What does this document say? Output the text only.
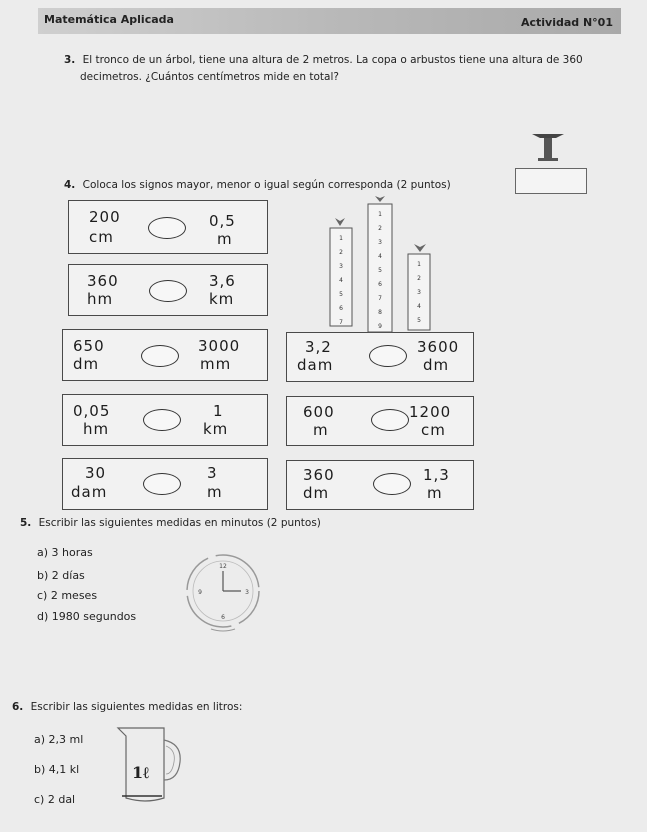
Matemática Aplicada	Actividad N°01
3. El tronco de un árbol, tiene una altura de 2 metros. La copa o arbustos tiene una altura de 360
decimetros. ¿Cuántos centímetros mide en total?
4. Coloca los signos mayor, menor o igual según corresponda (2 puntos)
200
cm
0,5
m
360
hm
3,6
km
650
dm
3000
mm
3,2
dam
3600
dm
0,05
hm
1
km
600
m
1200
cm
30
dam
3
m
360
dm
1,3
m
1
2
3
4
5
6
7
1
2
3
4
5
6
7
8
9
1
2
3
4
5
5. Escribir las siguientes medidas en minutos (2 puntos)
a) 3 horas
b) 2 días
c) 2 meses
d) 1980 segundos
12
3
6
9
6. Escribir las siguientes medidas en litros:
a) 2,3 ml
b) 4,1 kl
c) 2 dal
1ℓ
